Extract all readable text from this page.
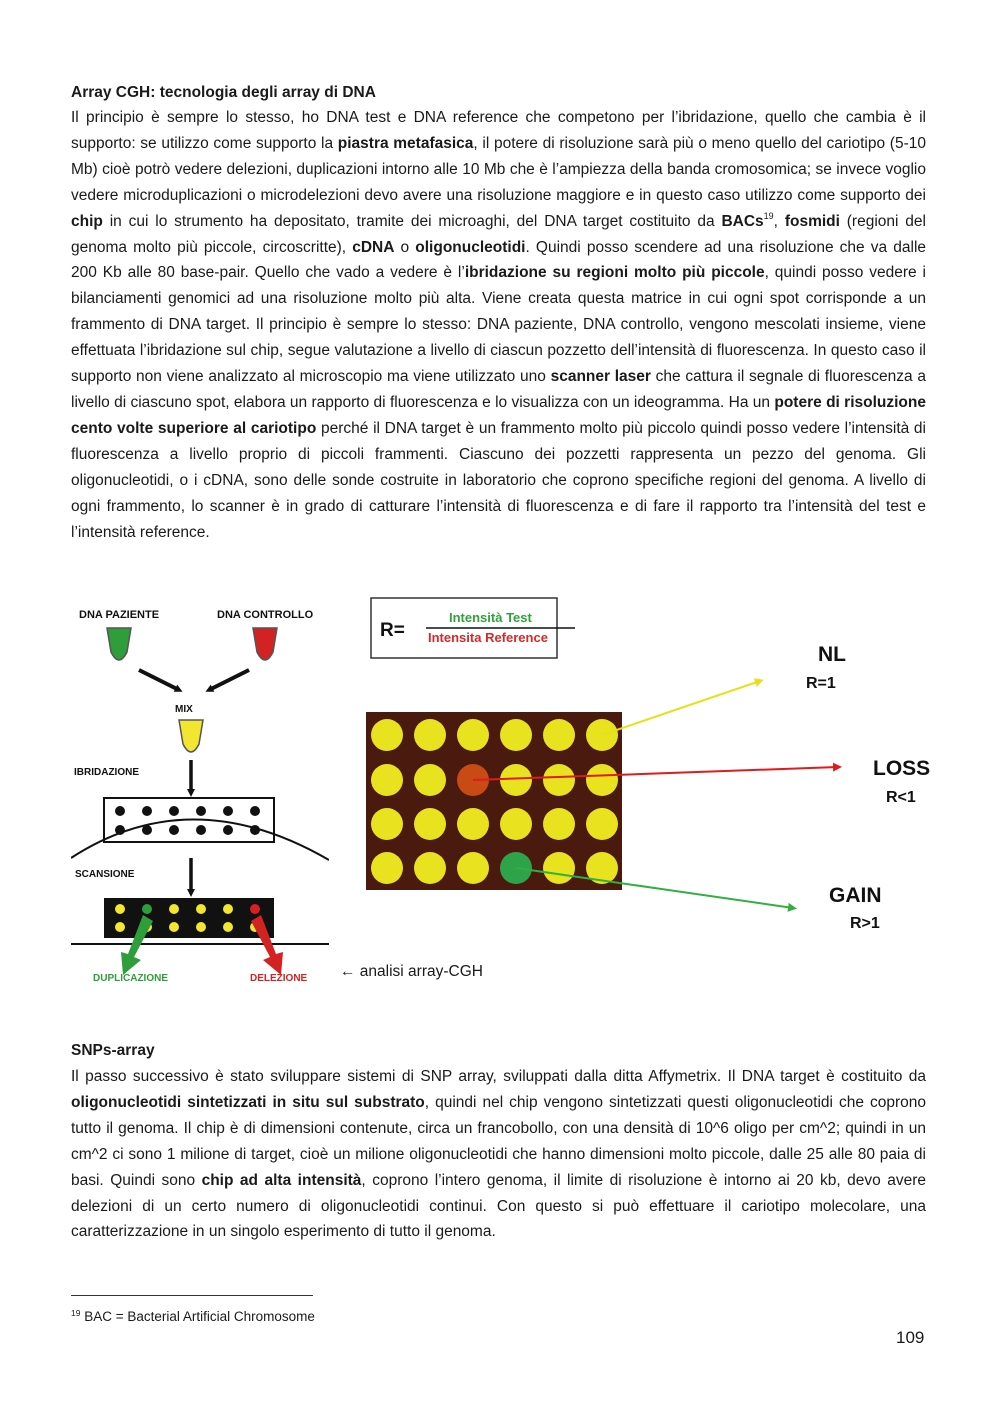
Array CGH: tecnologia degli array di DNA
Il principio è sempre lo stesso, ho DNA test e DNA reference che competono per l’ibridazione, quello che cambia è il supporto: se utilizzo come supporto la piastra metafasica, il potere di risoluzione sarà più o meno quello del cariotipo (5-10 Mb) cioè potrò vedere delezioni, duplicazioni intorno alle 10 Mb che è l’ampiezza della banda cromosomica; se invece voglio vedere microduplicazioni o microdelezioni devo avere una risoluzione maggiore e in questo caso utilizzo come supporto dei chip in cui lo strumento ha depositato, tramite dei microaghi, del DNA target costituito da BACs$^{19}$, fosmidi (regioni del genoma molto più piccole, circoscritte), cDNA o oligonucleotidi. Quindi posso scendere ad una risoluzione che va dalle 200 Kb alle 80 base-pair. Quello che vado a vedere è l’ibridazione su regioni molto più piccole, quindi posso vedere i bilanciamenti genomici ad una risoluzione molto più alta. Viene creata questa matrice in cui ogni spot corrisponde a un frammento di DNA target. Il principio è sempre lo stesso: DNA paziente, DNA controllo, vengono mescolati insieme, viene effettuata l’ibridazione sul chip, segue valutazione a livello di ciascun pozzetto dell’intensità di fluorescenza. In questo caso il supporto non viene analizzato al microscopio ma viene utilizzato uno scanner laser che cattura il segnale di fluorescenza a livello di ciascuno spot, elabora un rapporto di fluorescenza e lo visualizza con un ideogramma. Ha un potere di risoluzione cento volte superiore al cariotipo perché il DNA target è un frammento molto più piccolo quindi posso vedere l’intensità di fluorescenza a livello proprio di piccoli frammenti. Ciascuno dei pozzetti rappresenta un pezzo del genoma. Gli oligonucleotidi, o i cDNA, sono delle sonde costruite in laboratorio che coprono specifiche regioni del genoma. A livello di ogni frammento, lo scanner è in grado di catturare l’intensità di fluorescenza e di fare il rapporto tra l’intensità del test e l’intensità reference.
DNA PAZIENTE	DNA CONTROLLO
MIX
IBRIDAZIONE
SCANSIONE
DUPLICAZIONE	DELEZIONE
R=
Intensità Test
Intensita Reference
NL
R=1
LOSS
R<1
GAIN
R>1
← analisi array-CGH
SNPs-array
Il passo successivo è stato sviluppare sistemi di SNP array, sviluppati dalla ditta Affymetrix. Il DNA target è costituito da oligonucleotidi sintetizzati in situ sul substrato, quindi nel chip vengono sintetizzati questi oligonucleotidi che coprono tutto il genoma. Il chip è di dimensioni contenute, circa un francobollo, con una densità di 10^6 oligo per cm^2; quindi in un cm^2 ci sono 1 milione di target, cioè un milione oligonucleotidi che hanno dimensioni molto piccole, dalle 25 alle 80 paia di basi. Quindi sono chip ad alta intensità, coprono l’intero genoma, il limite di risoluzione è intorno ai 20 kb, devo avere delezioni di un certo numero di oligonucleotidi continui. Con questo si può effettuare il cariotipo molecolare, una caratterizzazione in un singolo esperimento di tutto il genoma.
$^{19}$ BAC = Bacterial Artificial Chromosome
109
